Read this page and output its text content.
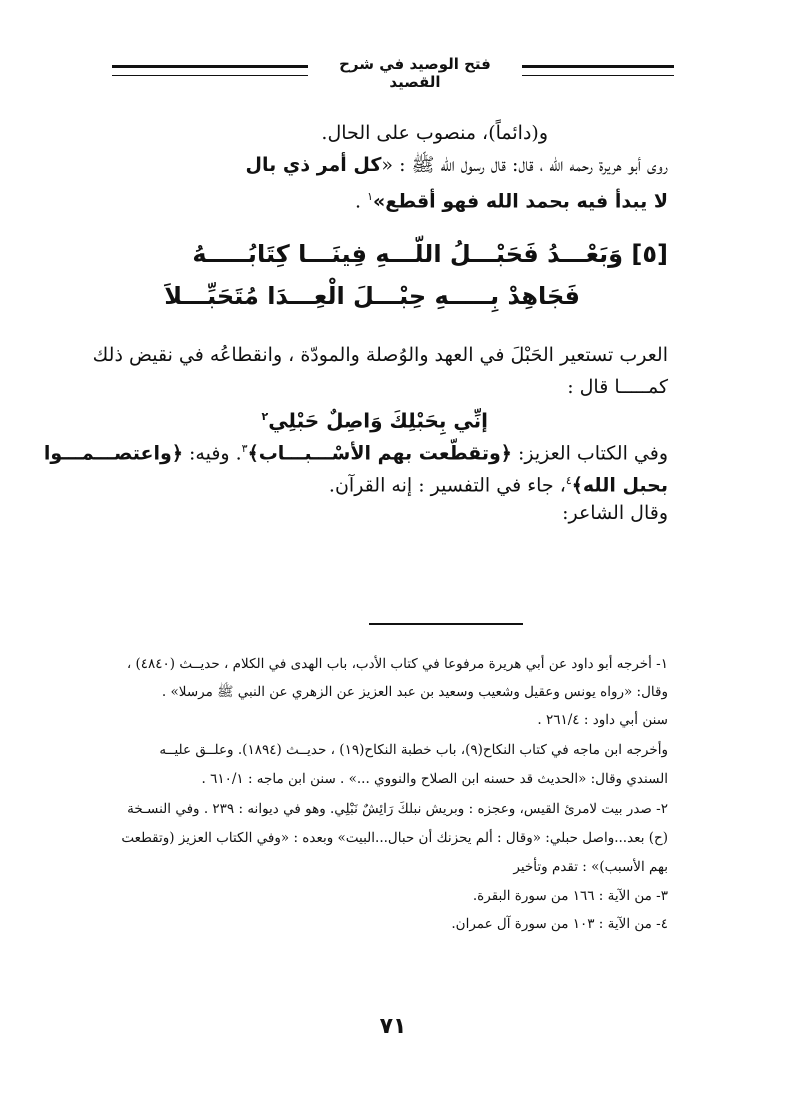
فتح الوصيد في شرح القصيد
و(دائماً)، منصوب على الحال.
روى أبو هريرة رحمه الله ، قال: قال رسول الله ﷺ : «كل أمر ذي بال
لا يبدأ فيه بحمد الله فهو أقطع»$^١$ .
[٥] وَبَعْـــدُ فَحَبْـــلُ اللّـــهِ فِينَـــا كِتَابُـــــهُ
فَجَاهِدْ بِـــــهِ حِبْـــلَ الْعِـــدَا مُتَحَبِّـــلاَ
العرب تستعير الحَبْلَ في العهد والوُصلة والمودّة ، وانقطاعُه في نقيض ذلك
كمـــــا قال :
إنِّي بِحَبْلِكَ وَاصِلٌ حَبْلِي$^٢$
وفي الكتاب العزيز: ﴿وتقطّعت بهم الأسْـــبـــاب﴾$^٣$. وفيه: ﴿واعتصـــمـــوا
بحبل الله﴾$^٤$، جاء في التفسير : إنه القرآن.
وقال الشاعر:
١- أخرجه أبو داود عن أبي هريرة مرفوعا في كتاب الأدب، باب الهدى في الكلام ، حديــث (٤٨٤٠) ،
وقال: «رواه يونس وعقيل وشعيب وسعيد بن عبد العزيز عن الزهري عن النبي ﷺ مرسلا» .
سنن أبي داود : ٢٦١/٤ .
وأخرجه ابن ماجه في كتاب النكاح(٩)، باب خطبة النكاح(١٩) ، حديــث (١٨٩٤). وعلــق عليــه
السندي وقال: «الحديث قد حسنه ابن الصلاح والنووي ...» . سنن ابن ماجه : ٦١٠/١ .
٢- صدر بيت لامرئ القيس، وعجزه : وبريش نبلكَ رَائِشٌ نَبْلِي. وهو في ديوانه : ٢٣٩ . وفي النسـخة
(ح) بعد...واصل حبلي: «وقال : ألم يحزنك أن حبال...البيت» وبعده : «وفي الكتاب العزيز (وتقطعت
بهم الأسبب)» : تقدم وتأخير
٣- من الآية : ١٦٦ من سورة البقرة.
٤- من الآية : ١٠٣ من سورة آل عمران.
٧١
